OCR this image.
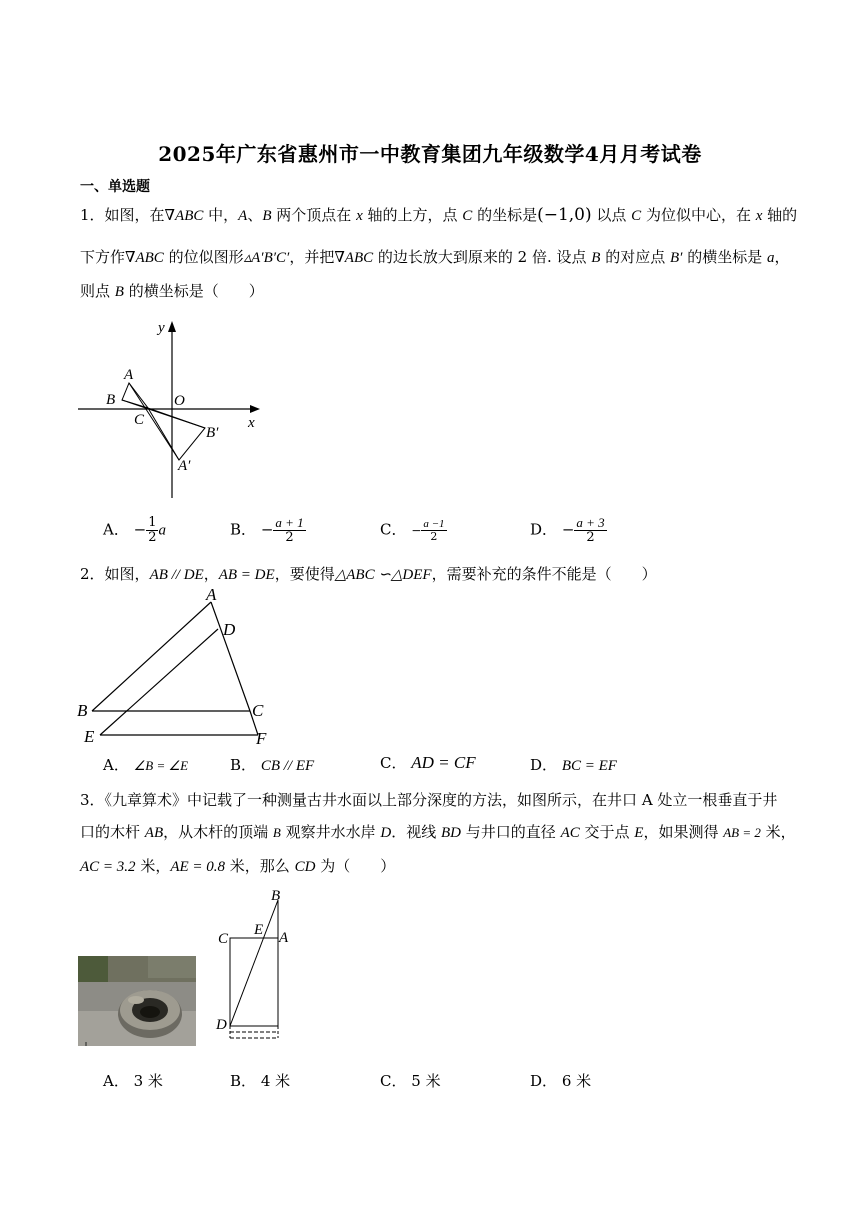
2025年广东省惠州市一中教育集团九年级数学4月月考试卷
一、单选题
1．如图，在∇ABC 中，A、B 两个顶点在 x 轴的上方，点 C 的坐标是(−1,0) 以点 C 为位似中心，在 x 轴的
下方作∇ABC 的位似图形▵A′B′C′，并把∇ABC 的边长放大到原来的 2 倍. 设点 B 的对应点 B′ 的横坐标是 a，
则点 B 的横坐标是（　　）
y
A
B	O
C	x
B′
A′
A． − $\frac{1}{2}$ a	B． − $\frac{a + 1}{2}$	C． − $\frac{a -1}{2}$	D． − $\frac{a + 3}{2}$
2．如图，AB // DE，AB = DE，要使得△ABC ∽△DEF，需要补充的条件不能是（　　）
A
D
B	C
E	F
A． ∠B = ∠E	B． CB // EF	C． AD = CF	D． BC = EF
3．《九章算术》中记载了一种测量古井水面以上部分深度的方法，如图所示，在井口 A 处立一根垂直于井
口的木杆 AB，从木杆的顶端 B 观察井水水岸 D．视线 BD 与井口的直径 AC 交于点 E，如果测得 AB = 2 米，
AC = 3.2 米，AE = 0.8 米，那么 CD 为（　　）
B
C
E A
D
A． 3 米	B． 4 米	C． 5 米	D． 6 米
